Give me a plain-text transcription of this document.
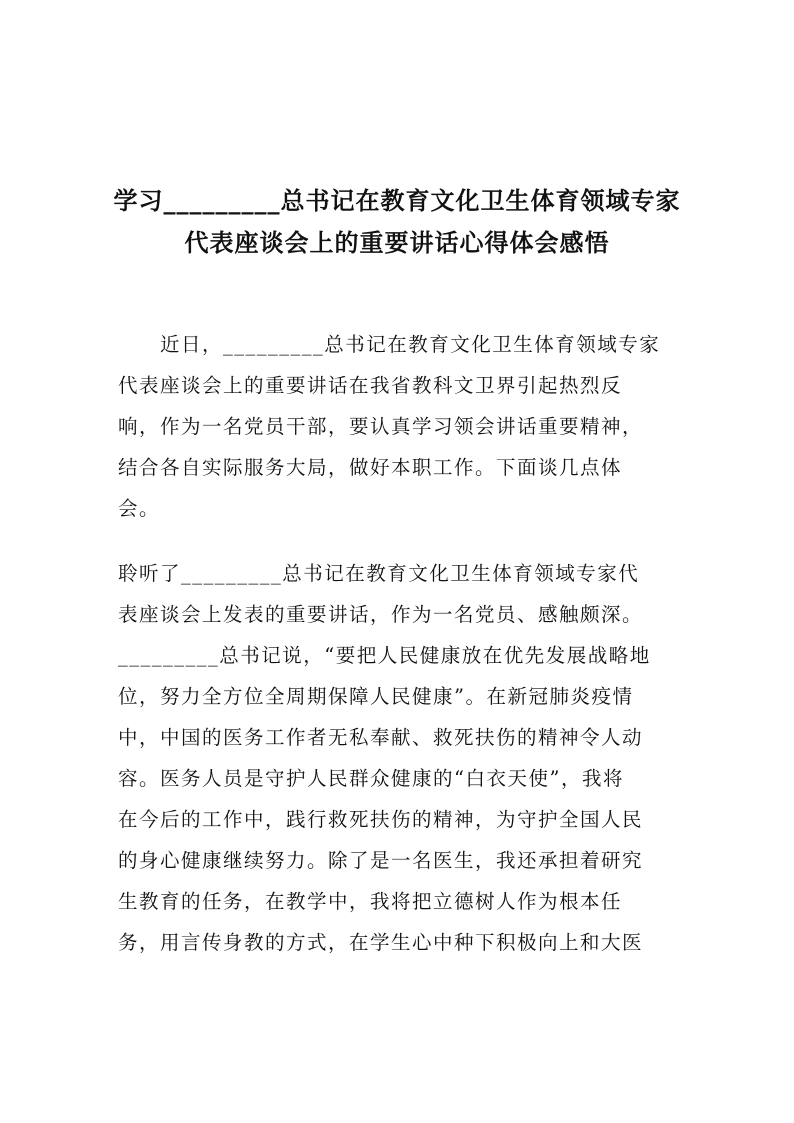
学习_________总书记在教育文化卫生体育领域专家
代表座谈会上的重要讲话心得体会感悟
　　近日，_________总书记在教育文化卫生体育领域专家
代表座谈会上的重要讲话在我省教科文卫界引起热烈反
响，作为一名党员干部，要认真学习领会讲话重要精神，
结合各自实际服务大局，做好本职工作。下面谈几点体
会。
聆听了_________总书记在教育文化卫生体育领域专家代
表座谈会上发表的重要讲话，作为一名党员、感触颇深。
_________总书记说，“要把人民健康放在优先发展战略地
位，努力全方位全周期保障人民健康”。在新冠肺炎疫情
中，中国的医务工作者无私奉献、救死扶伤的精神令人动
容。医务人员是守护人民群众健康的“白衣天使”，我将
在今后的工作中，践行救死扶伤的精神，为守护全国人民
的身心健康继续努力。除了是一名医生，我还承担着研究
生教育的任务，在教学中，我将把立德树人作为根本任
务，用言传身教的方式，在学生心中种下积极向上和大医
